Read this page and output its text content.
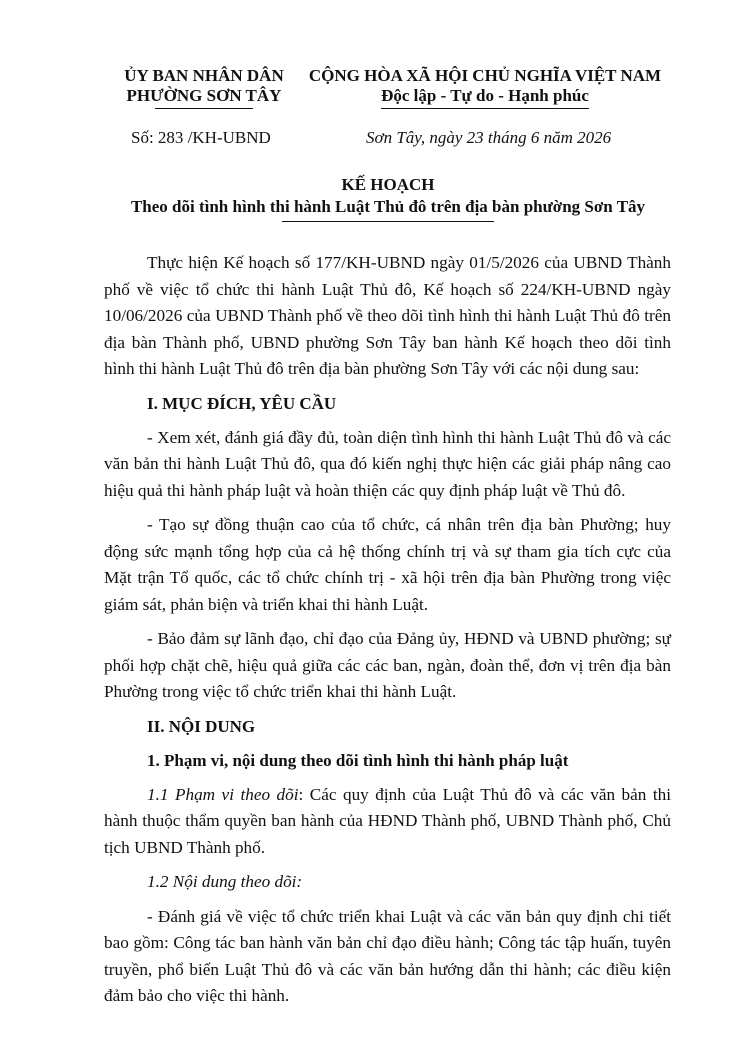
ỦY BAN NHÂN DÂN
PHƯỜNG SƠN TÂY
CỘNG HÒA XÃ HỘI CHỦ NGHĨA VIỆT NAM
Độc lập - Tự do - Hạnh phúc
Số: 283 /KH-UBND	Sơn Tây, ngày 23 tháng 6 năm 2026
KẾ HOẠCH
Theo dõi tình hình thi hành Luật Thủ đô trên địa bàn phường Sơn Tây

Thực hiện Kế hoạch số 177/KH-UBND ngày 01/5/2026 của UBND Thành phố về việc tổ chức thi hành Luật Thủ đô, Kế hoạch số 224/KH-UBND ngày 10/06/2026 của UBND Thành phố về theo dõi tình hình thi hành Luật Thủ đô trên địa bàn Thành phố, UBND phường Sơn Tây ban hành Kế hoạch theo dõi tình hình thi hành Luật Thủ đô trên địa bàn phường Sơn Tây với các nội dung sau:

I. MỤC ĐÍCH, YÊU CẦU

- Xem xét, đánh giá đầy đủ, toàn diện tình hình thi hành Luật Thủ đô và các văn bản thi hành Luật Thủ đô, qua đó kiến nghị thực hiện các giải pháp nâng cao hiệu quả thi hành pháp luật và hoàn thiện các quy định pháp luật về Thủ đô.

- Tạo sự đồng thuận cao của tổ chức, cá nhân trên địa bàn Phường; huy động sức mạnh tổng hợp của cả hệ thống chính trị và sự tham gia tích cực của Mặt trận Tổ quốc, các tổ chức chính trị - xã hội trên địa bàn Phường trong việc giám sát, phản biện và triển khai thi hành Luật.

- Bảo đảm sự lãnh đạo, chỉ đạo của Đảng ủy, HĐND và UBND phường; sự phối hợp chặt chẽ, hiệu quả giữa các các ban, ngàn, đoàn thể, đơn vị trên địa bàn Phường trong việc tổ chức triển khai thi hành Luật.

II. NỘI DUNG
1. Phạm vi, nội dung theo dõi tình hình thi hành pháp luật

1.1 Phạm vi theo dõi: Các quy định của Luật Thủ đô và các văn bản thi hành thuộc thẩm quyền ban hành của HĐND Thành phố, UBND Thành phố, Chủ tịch UBND Thành phố.

1.2 Nội dung theo dõi:

- Đánh giá về việc tổ chức triển khai Luật và các văn bản quy định chi tiết bao gồm: Công tác ban hành văn bản chỉ đạo điều hành; Công tác tập huấn, tuyên truyền, phổ biến Luật Thủ đô và các văn bản hướng dẫn thi hành; các điều kiện đảm bảo cho việc thi hành.
